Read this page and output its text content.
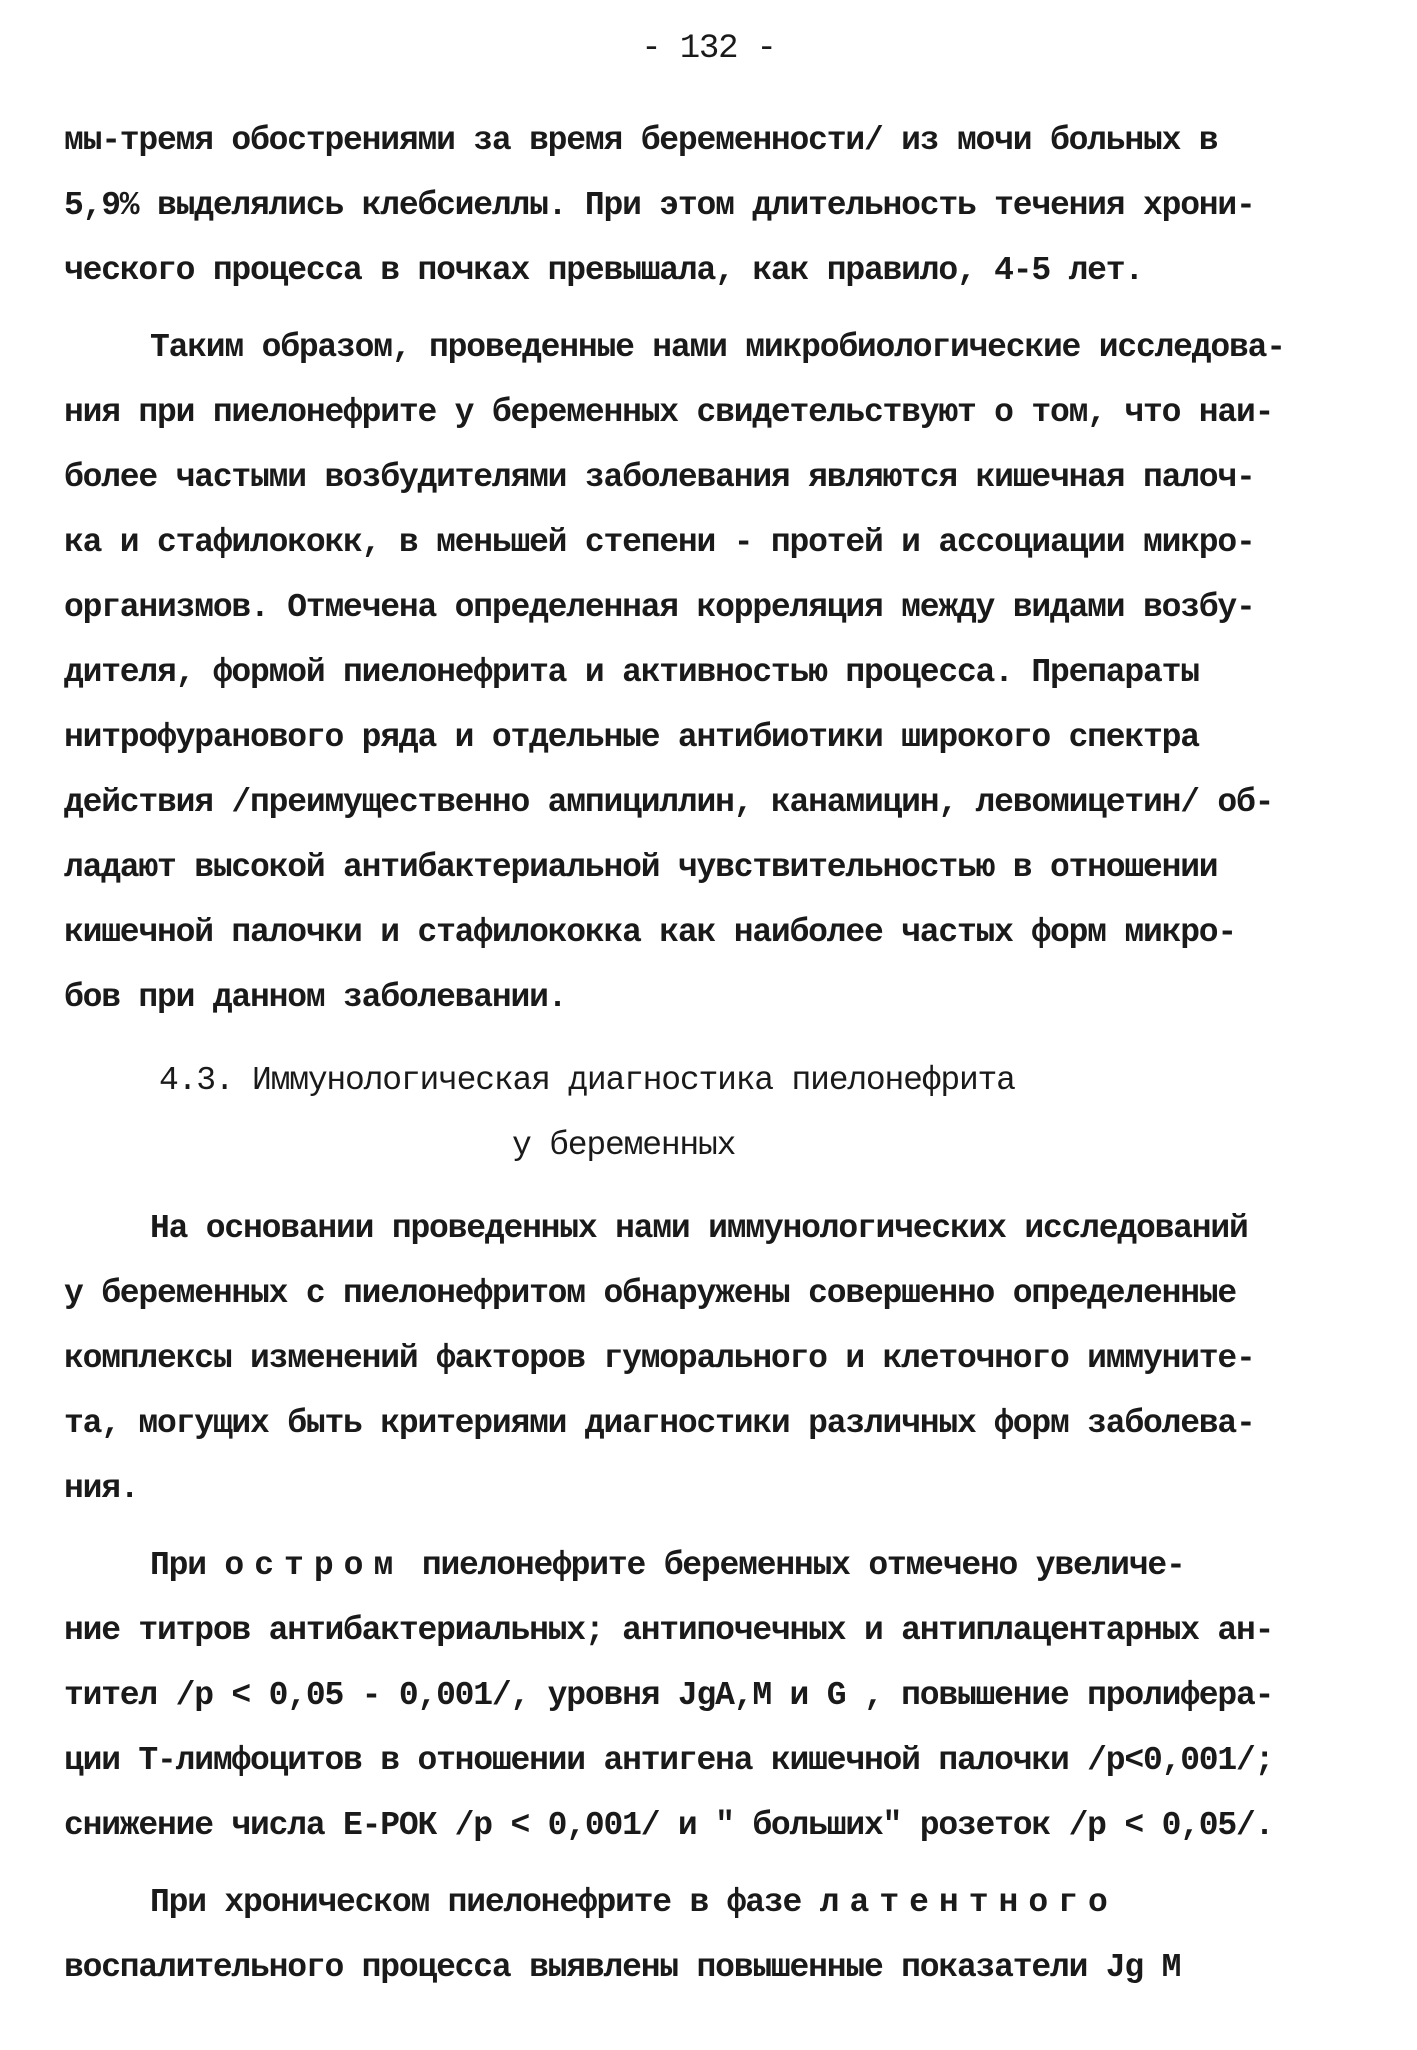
- 132 -
мы-тремя обострениями за время беременности/ из мочи больных в
5,9% выделялись клебсиеллы. При этом длительность течения хрони-
ческого процесса в почках превышала, как правило, 4-5 лет.
Таким образом, проведенные нами микробиологические исследова-
ния при пиелонефрите у беременных свидетельствуют о том, что наи-
более частыми возбудителями заболевания являются кишечная палоч-
ка и стафилококк, в меньшей степени - протей и ассоциации микро-
организмов. Отмечена определенная корреляция между видами возбу-
дителя, формой пиелонефрита и активностью процесса. Препараты
нитрофуранового ряда и отдельные антибиотики широкого спектра
действия /преимущественно ампициллин, канамицин, левомицетин/ об-
ладают высокой антибактериальной чувствительностью в отношении
кишечной палочки и стафилококка как наиболее частых форм микро-
бов при данном заболевании.
4.3. Иммунологическая диагностика пиелонефрита
у беременных
На основании проведенных нами иммунологических исследований
у беременных с пиелонефритом обнаружены совершенно определенные
комплексы изменений факторов гуморального и клеточного иммуните-
та, могущих быть критериями диагностики различных форм заболева-
ния.
При остром пиелонефрите беременных отмечено увеличе-
ние титров антибактериальных; антипочечных и антиплацентарных ан-
тител /р < 0,05 - 0,001/, уровня JgA,M и G , повышение пролифера-
ции Т-лимфоцитов в отношении антигена кишечной палочки /р<0,001/;
снижение числа Е-РОК /р < 0,001/ и " больших" розеток /р < 0,05/.
При хроническом пиелонефрите в фазе латентного
воспалительного процесса выявлены повышенные показатели Jg M
